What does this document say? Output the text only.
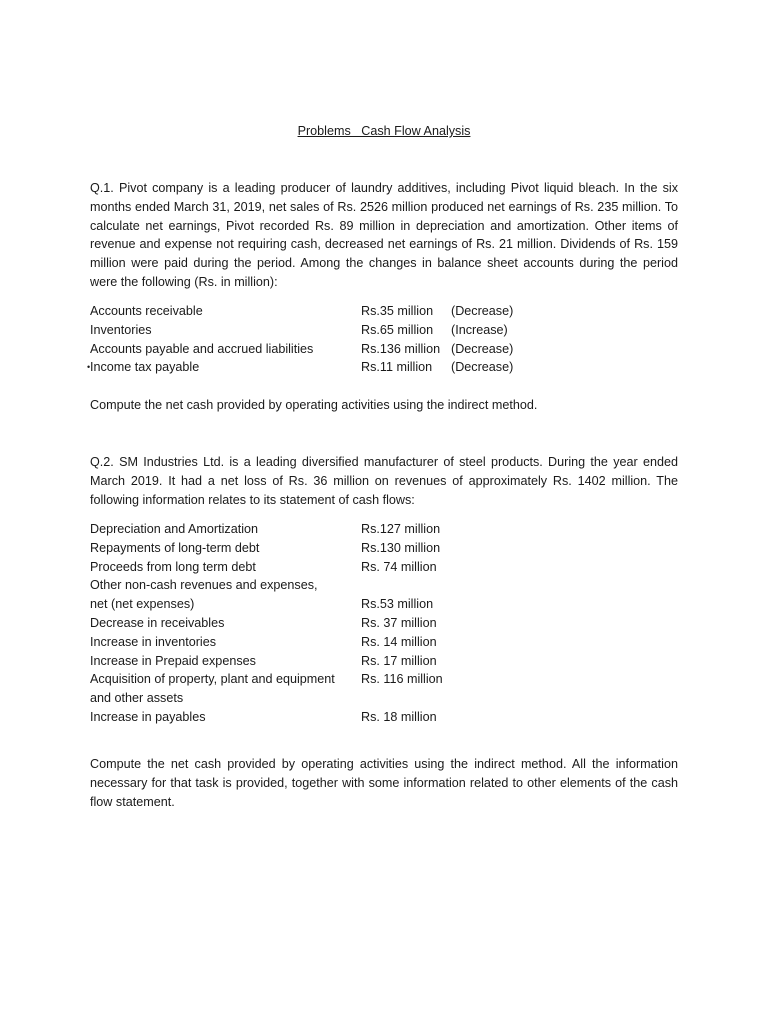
Problems   Cash Flow Analysis

Q.1. Pivot company is a leading producer of laundry additives, including Pivot liquid bleach. In the six months ended March 31, 2019, net sales of Rs. 2526 million produced net earnings of Rs. 235 million. To calculate net earnings, Pivot recorded Rs. 89 million in depreciation and amortization. Other items of revenue and expense not requiring cash, decreased net earnings of Rs. 21 million. Dividends of Rs. 159 million were paid during the period. Among the changes in balance sheet accounts during the period were the following (Rs. in million):

Accounts receivable	Rs.35 million (Decrease)
Inventories	Rs.65 million (Increase)
Accounts payable and accrued liabilities	Rs.136 million (Decrease)
• Income tax payable	Rs.11 million (Decrease)

Compute the net cash provided by operating activities using the indirect method.

Q.2. SM Industries Ltd. is a leading diversified manufacturer of steel products. During the year ended March 2019. It had a net loss of Rs. 36 million on revenues of approximately Rs. 1402 million. The following information relates to its statement of cash flows:

Depreciation and Amortization	Rs.127 million
Repayments of long-term debt	Rs.130 million
Proceeds from long term debt	Rs. 74 million
Other non-cash revenues and expenses,
net (net expenses)	Rs.53 million
Decrease in receivables	Rs. 37 million
Increase in inventories	Rs. 14 million
Increase in Prepaid expenses	Rs. 17 million
Acquisition of property, plant and equipment Rs. 116 million
and other assets
Increase in payables	Rs. 18 million

Compute the net cash provided by operating activities using the indirect method. All the information necessary for that task is provided, together with some information related to other elements of the cash flow statement.
